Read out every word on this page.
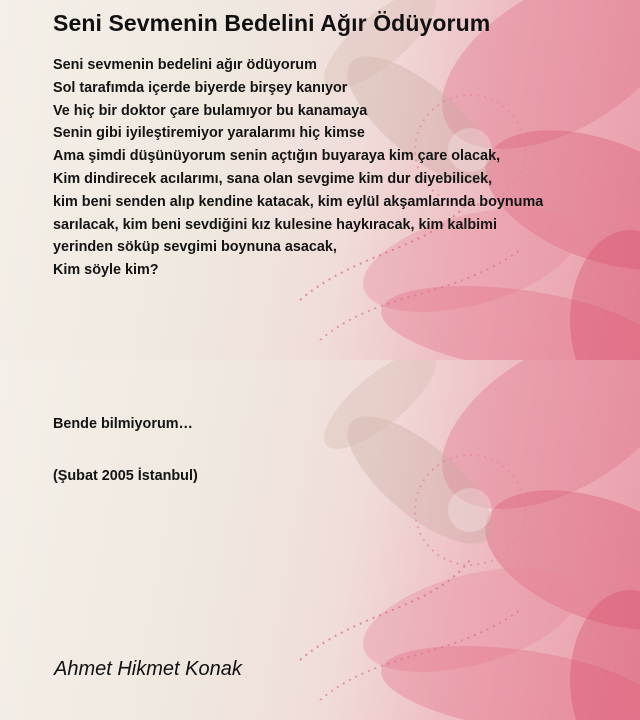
Seni Sevmenin Bedelini Ağır Ödüyorum
Seni sevmenin bedelini ağır ödüyorum
Sol tarafımda içerde biyerde birşey kanıyor
Ve hiç bir doktor çare bulamıyor bu kanamaya
Senin gibi iyileştiremiyor yaralarımı hiç kimse
Ama şimdi düşünüyorum senin açtığın buyaraya kim çare olacak,
Kim dindirecek acılarımı, sana olan sevgime kim dur diyebilicek,
kim beni senden alıp kendine katacak, kim eylül akşamlarında boynuma
sarılacak, kim beni sevdiğini kız kulesine haykıracak, kim kalbimi
yerinden söküp sevgimi boynuna asacak,
Kim söyle kim?
Bende bilmiyorum…
(Şubat 2005 İstanbul)
Ahmet Hikmet Konak
